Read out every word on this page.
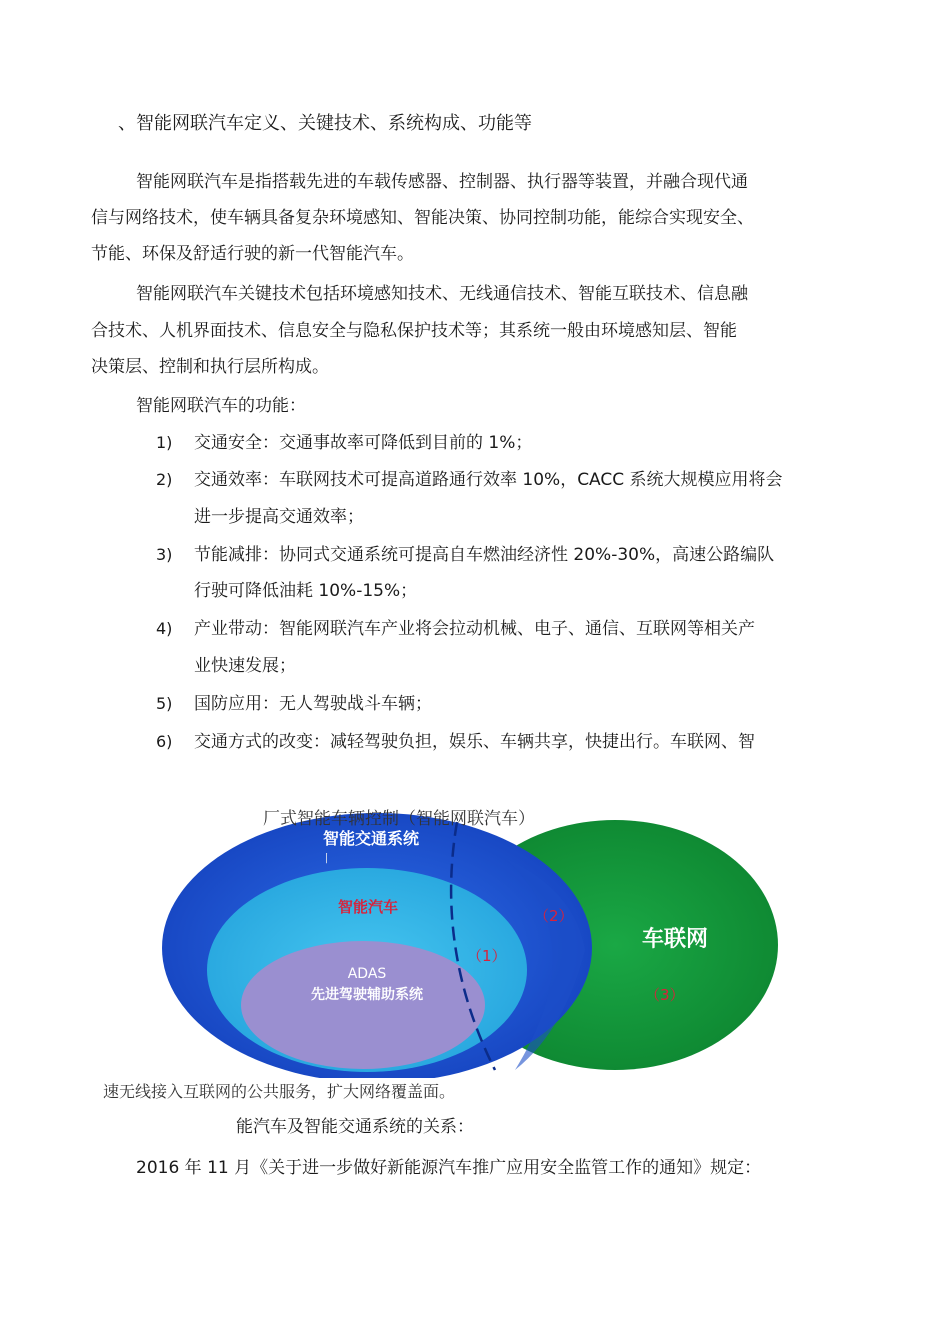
、智能网联汽车定义、关键技术、系统构成、功能等
智能网联汽车是指搭载先进的车载传感器、控制器、执行器等装置，并融合现代通
信与网络技术，使车辆具备复杂环境感知、智能决策、协同控制功能，能综合实现安全、
节能、环保及舒适行驶的新一代智能汽车。
智能网联汽车关键技术包括环境感知技术、无线通信技术、智能互联技术、信息融
合技术、人机界面技术、信息安全与隐私保护技术等；其系统一般由环境感知层、智能
决策层、控制和执行层所构成。
智能网联汽车的功能：
1) 交通安全：交通事故率可降低到目前的 1%；
2) 交通效率：车联网技术可提高道路通行效率 10%，CACC 系统大规模应用将会
进一步提高交通效率；
3) 节能减排：协同式交通系统可提高自车燃油经济性 20%-30%，高速公路编队
行驶可降低油耗 10%-15%；
4) 产业带动：智能网联汽车产业将会拉动机械、电子、通信、互联网等相关产
业快速发展；
5) 国防应用：无人驾驶战斗车辆；
6) 交通方式的改变：减轻驾驶负担，娱乐、车辆共享，快捷出行。车联网、智
厂式智能车辆控制（智能网联汽车）
丨
智能交通系统
智能汽车
ADAS
先进驾驶辅助系统
车联网
（1）
（2）
（3）
速无线接入互联网的公共服务，扩大网络覆盖面。
能汽车及智能交通系统的关系：
2016 年 11 月《关于进一步做好新能源汽车推广应用安全监管工作的通知》规定：
